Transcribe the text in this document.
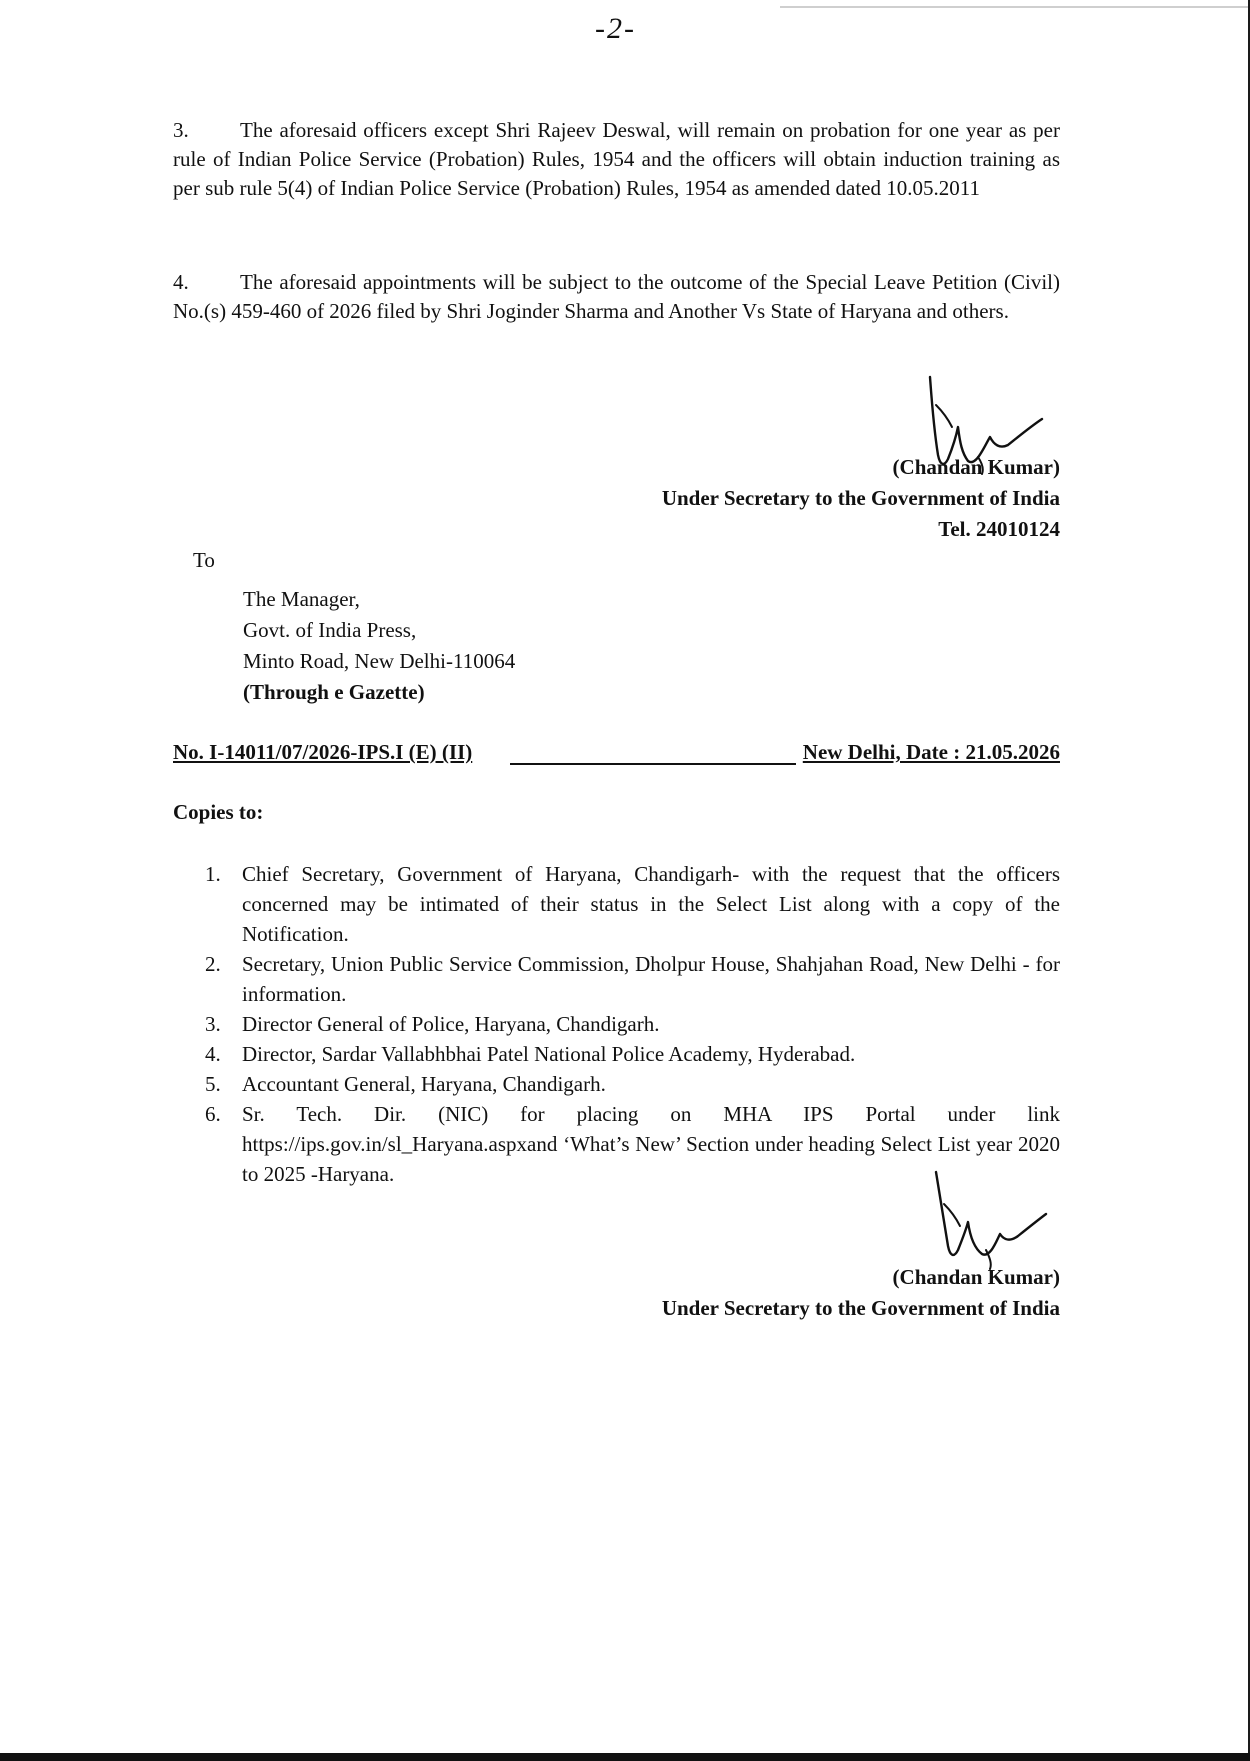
-2-

3. The aforesaid officers except Shri Rajeev Deswal, will remain on probation for one year as per rule of Indian Police Service (Probation) Rules, 1954 and the officers will obtain induction training as per sub rule 5(4) of Indian Police Service (Probation) Rules, 1954 as amended dated 10.05.2011

4. The aforesaid appointments will be subject to the outcome of the Special Leave Petition (Civil) No.(s) 459-460 of 2026 filed by Shri Joginder Sharma and Another Vs State of Haryana and others.

(Chandan Kumar)
Under Secretary to the Government of India
Tel. 24010124
To
The Manager,
Govt. of India Press,
Minto Road, New Delhi-110064
(Through e Gazette)
No. I-14011/07/2026-IPS.I (E) (II)	New Delhi, Date : 21.05.2026
Copies to:
1. Chief Secretary, Government of Haryana, Chandigarh- with the request that the officers concerned may be intimated of their status in the Select List along with a copy of the Notification.
2. Secretary, Union Public Service Commission, Dholpur House, Shahjahan Road, New Delhi - for information.
3. Director General of Police, Haryana, Chandigarh.
4. Director, Sardar Vallabhbhai Patel National Police Academy, Hyderabad.
5. Accountant General, Haryana, Chandigarh.
6. Sr. Tech. Dir. (NIC) for placing on MHA IPS Portal under link https://ips.gov.in/sl_Haryana.aspxand ‘What’s New’ Section under heading Select List year 2020 to 2025 -Haryana.
(Chandan Kumar)
Under Secretary to the Government of India
